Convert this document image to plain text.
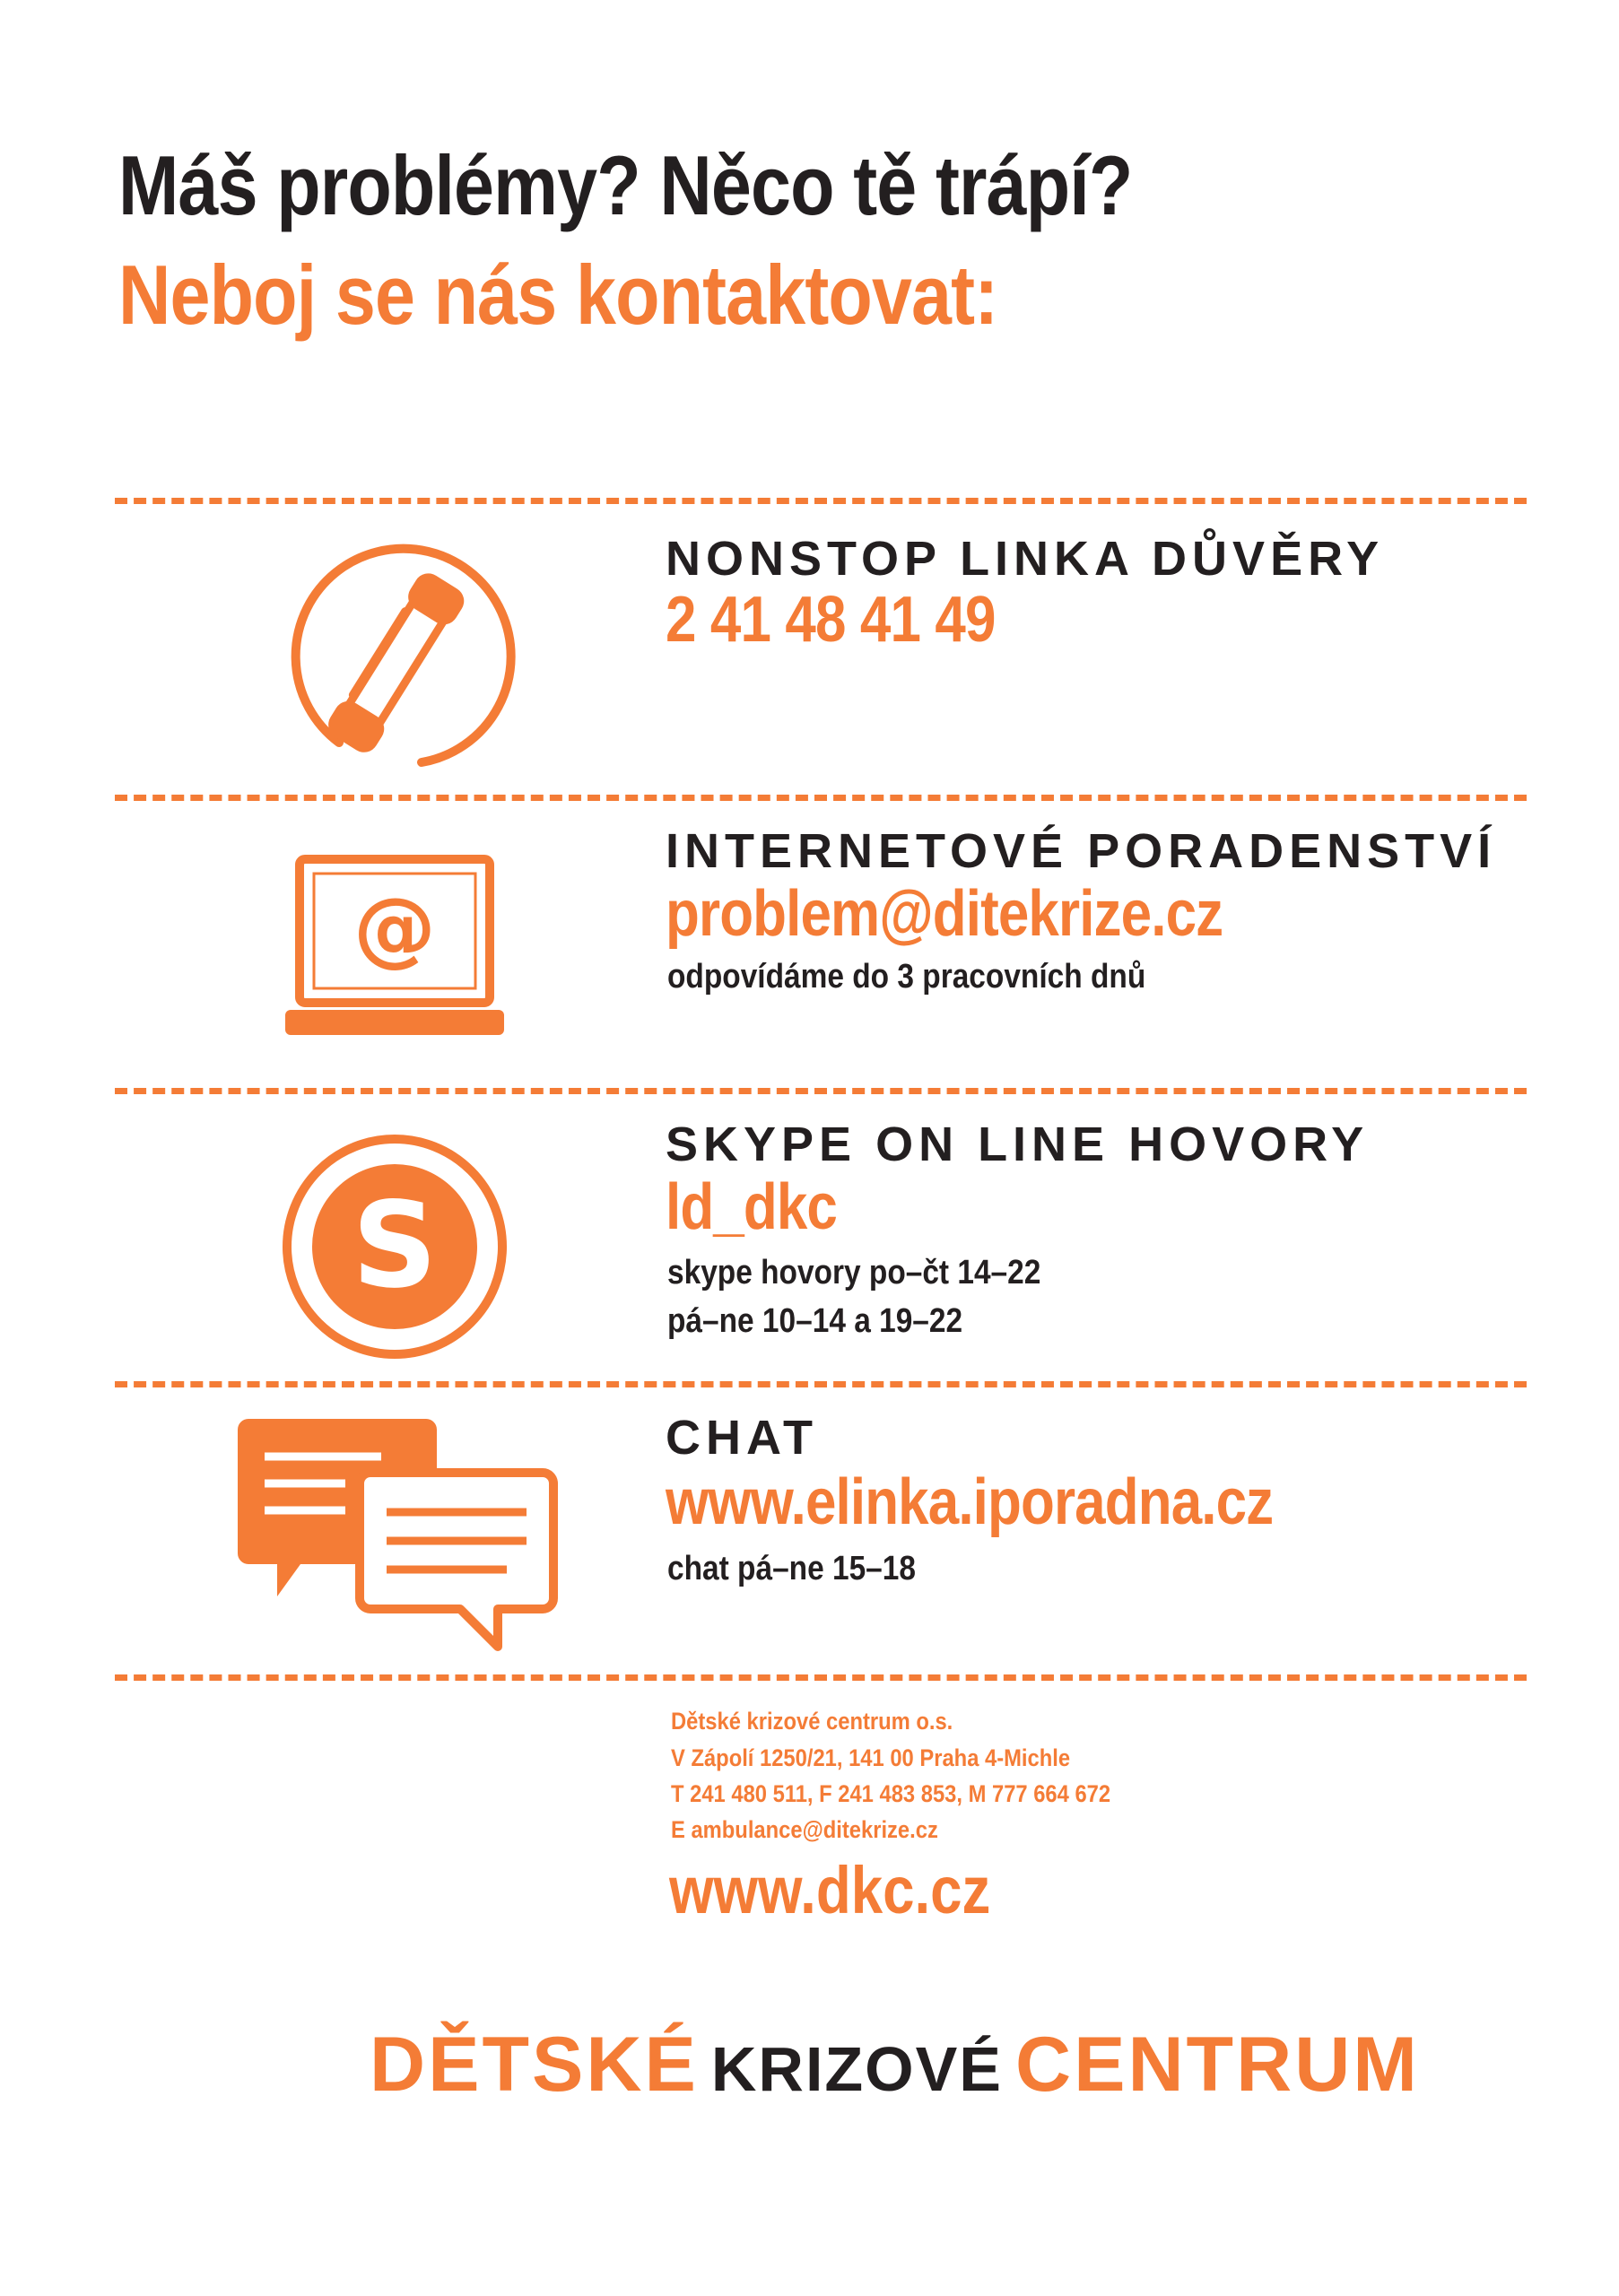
Máš problémy? Něco tě trápí?
Neboj se nás kontaktovat:
NONSTOP LINKA DŮVĚRY
2 41 48 41 49
@
INTERNETOVÉ PORADENSTVÍ
problem@ditekrize.cz
odpovídáme do 3 pracovních dnů
S
SKYPE ON LINE HOVORY
ld_dkc
skype hovory po–čt 14–22
pá–ne 10–14 a 19–22
CHAT
www.elinka.iporadna.cz
chat pá–ne 15–18
Dětské krizové centrum o.s.
V Zápolí 1250/21, 141 00 Praha 4-Michle
T 241 480 511, F 241 483 853, M 777 664 672
E ambulance@ditekrize.cz
www.dkc.cz
DĚTSKÉ KRIZOVÉ CENTRUM
